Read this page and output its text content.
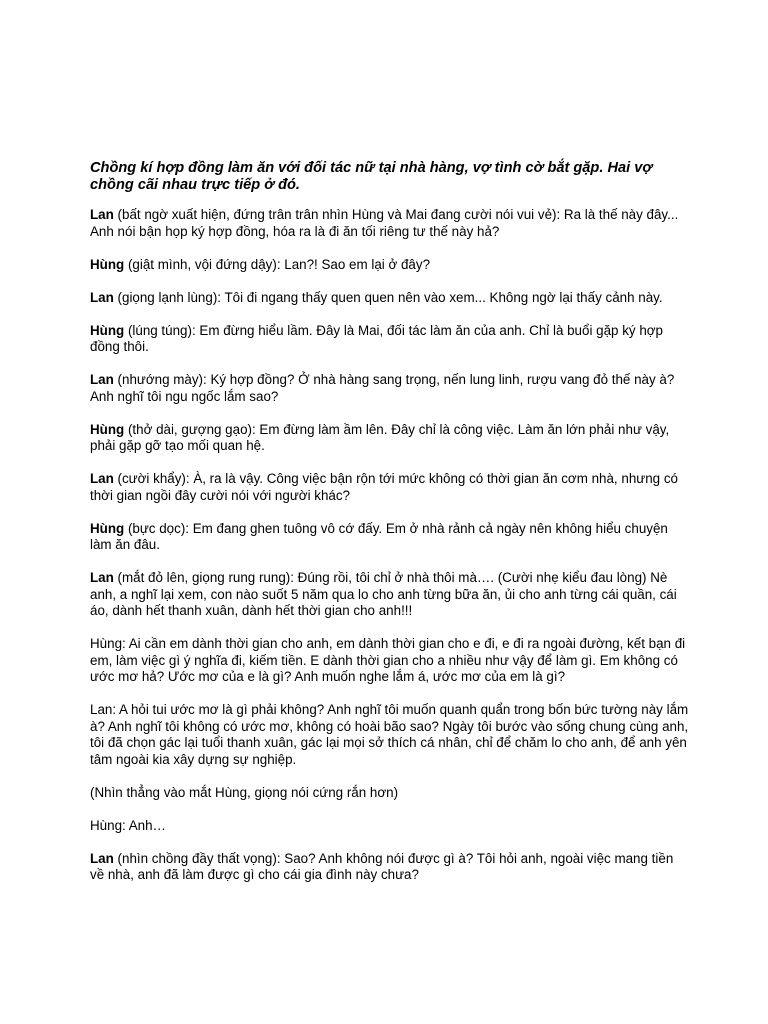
Chồng kí hợp đồng làm ăn với đối tác nữ tại nhà hàng, vợ tình cờ bắt gặp. Hai vợ chồng cãi nhau trực tiếp ở đó.

Lan (bất ngờ xuất hiện, đứng trân trân nhìn Hùng và Mai đang cười nói vui vẻ): Ra là thế này đây... Anh nói bận họp ký hợp đồng, hóa ra là đi ăn tối riêng tư thế này hả?

Hùng (giật mình, vội đứng dậy): Lan?! Sao em lại ở đây?

Lan (giọng lạnh lùng): Tôi đi ngang thấy quen quen nên vào xem... Không ngờ lại thấy cảnh này.

Hùng (lúng túng): Em đừng hiểu lầm. Đây là Mai, đối tác làm ăn của anh. Chỉ là buổi gặp ký hợp đồng thôi.

Lan (nhướng mày): Ký hợp đồng? Ở nhà hàng sang trọng, nến lung linh, rượu vang đỏ thế này à? Anh nghĩ tôi ngu ngốc lắm sao?

Hùng (thở dài, gượng gạo): Em đừng làm ầm lên. Đây chỉ là công việc. Làm ăn lớn phải như vậy, phải gặp gỡ tạo mối quan hệ.

Lan (cười khẩy): À, ra là vậy. Công việc bận rộn tới mức không có thời gian ăn cơm nhà, nhưng có thời gian ngồi đây cười nói với người khác?

Hùng (bực dọc): Em đang ghen tuông vô cớ đấy. Em ở nhà rảnh cả ngày nên không hiểu chuyện làm ăn đâu.

Lan (mắt đỏ lên, giọng rung rung): Đúng rồi, tôi chỉ ở nhà thôi mà…. (Cười nhẹ kiểu đau lòng) Nè anh, a nghĩ lại xem, con nào suốt 5 năm qua lo cho anh từng bữa ăn, ủi cho anh từng cái quần, cái áo, dành hết thanh xuân, dành hết thời gian cho anh!!!

Hùng: Ai cần em dành thời gian cho anh, em dành thời gian cho e đi, e đi ra ngoài đường, kết bạn đi em, làm việc gì ý nghĩa đi, kiếm tiền. E dành thời gian cho a nhiều như vậy để làm gì. Em không có ước mơ hả? Ước mơ của e là gì? Anh muốn nghe lắm á, ước mơ của em là gì?

Lan: A hỏi tui ước mơ là gì phải không? Anh nghĩ tôi muốn quanh quẩn trong bốn bức tường này lắm à? Anh nghĩ tôi không có ước mơ, không có hoài bão sao? Ngày tôi bước vào sống chung cùng anh, tôi đã chọn gác lại tuổi thanh xuân, gác lại mọi sở thích cá nhân, chỉ để chăm lo cho anh, để anh yên tâm ngoài kia xây dựng sự nghiệp.

(Nhìn thẳng vào mắt Hùng, giọng nói cứng rắn hơn)

Hùng: Anh…

Lan (nhìn chồng đầy thất vọng): Sao? Anh không nói được gì à? Tôi hỏi anh, ngoài việc mang tiền về nhà, anh đã làm được gì cho cái gia đình này chưa?
